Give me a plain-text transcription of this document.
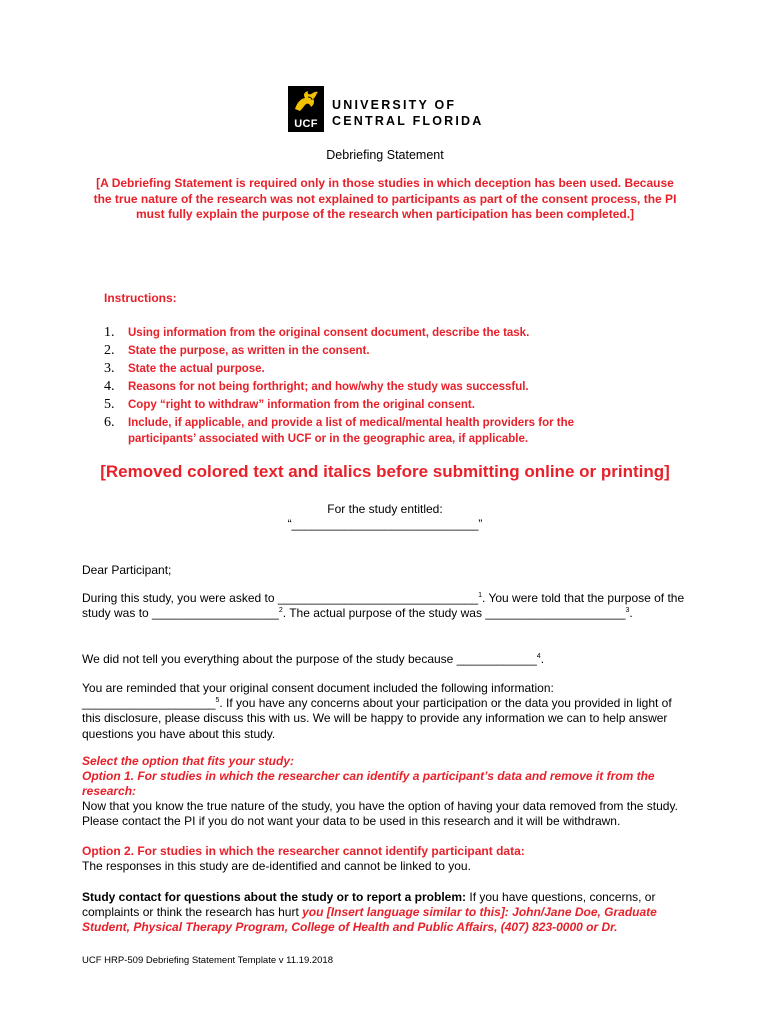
UCF
UNIVERSITY OF
CENTRAL FLORIDA
Debriefing Statement
[A Debriefing Statement is required only in those studies in which deception has been used. Because the true nature of the research was not explained to participants as part of the consent process, the PI must fully explain the purpose of the research when participation has been completed.]
Instructions:
1. Using information from the original consent document, describe the task.
2. State the purpose, as written in the consent.
3. State the actual purpose.
4. Reasons for not being forthright; and how/why the study was successful.
5. Copy “right to withdraw” information from the original consent.
6. Include, if applicable, and provide a list of medical/mental health providers for the
participants’ associated with UCF or in the geographic area, if applicable.
[Removed colored text and italics before submitting online or printing]
For the study entitled:
“____________________________”
Dear Participant;

During this study, you were asked to ______________________________$^1$. You were told that the purpose of the study was to ___________________$^2$. The actual purpose of the study was _____________________$^3$.

We did not tell you everything about the purpose of the study because ____________$^4$.

You are reminded that your original consent document included the following information: ____________________$^5$. If you have any concerns about your participation or the data you provided in light of this disclosure, please discuss this with us. We will be happy to provide any information we can to help answer questions you have about this study.

Select the option that fits your study:
Option 1. For studies in which the researcher can identify a participant’s data and remove it from the research:
Now that you know the true nature of the study, you have the option of having your data removed from the study. Please contact the PI if you do not want your data to be used in this research and it will be withdrawn.
Option 2. For studies in which the researcher cannot identify participant data:
The responses in this study are de-identified and cannot be linked to you.

Study contact for questions about the study or to report a problem: If you have questions, concerns, or complaints or think the research has hurt you [Insert language similar to this]: John/Jane Doe, Graduate Student, Physical Therapy Program, College of Health and Public Affairs, (407) 823-0000 or Dr.

UCF HRP-509 Debriefing Statement Template v 11.19.2018
